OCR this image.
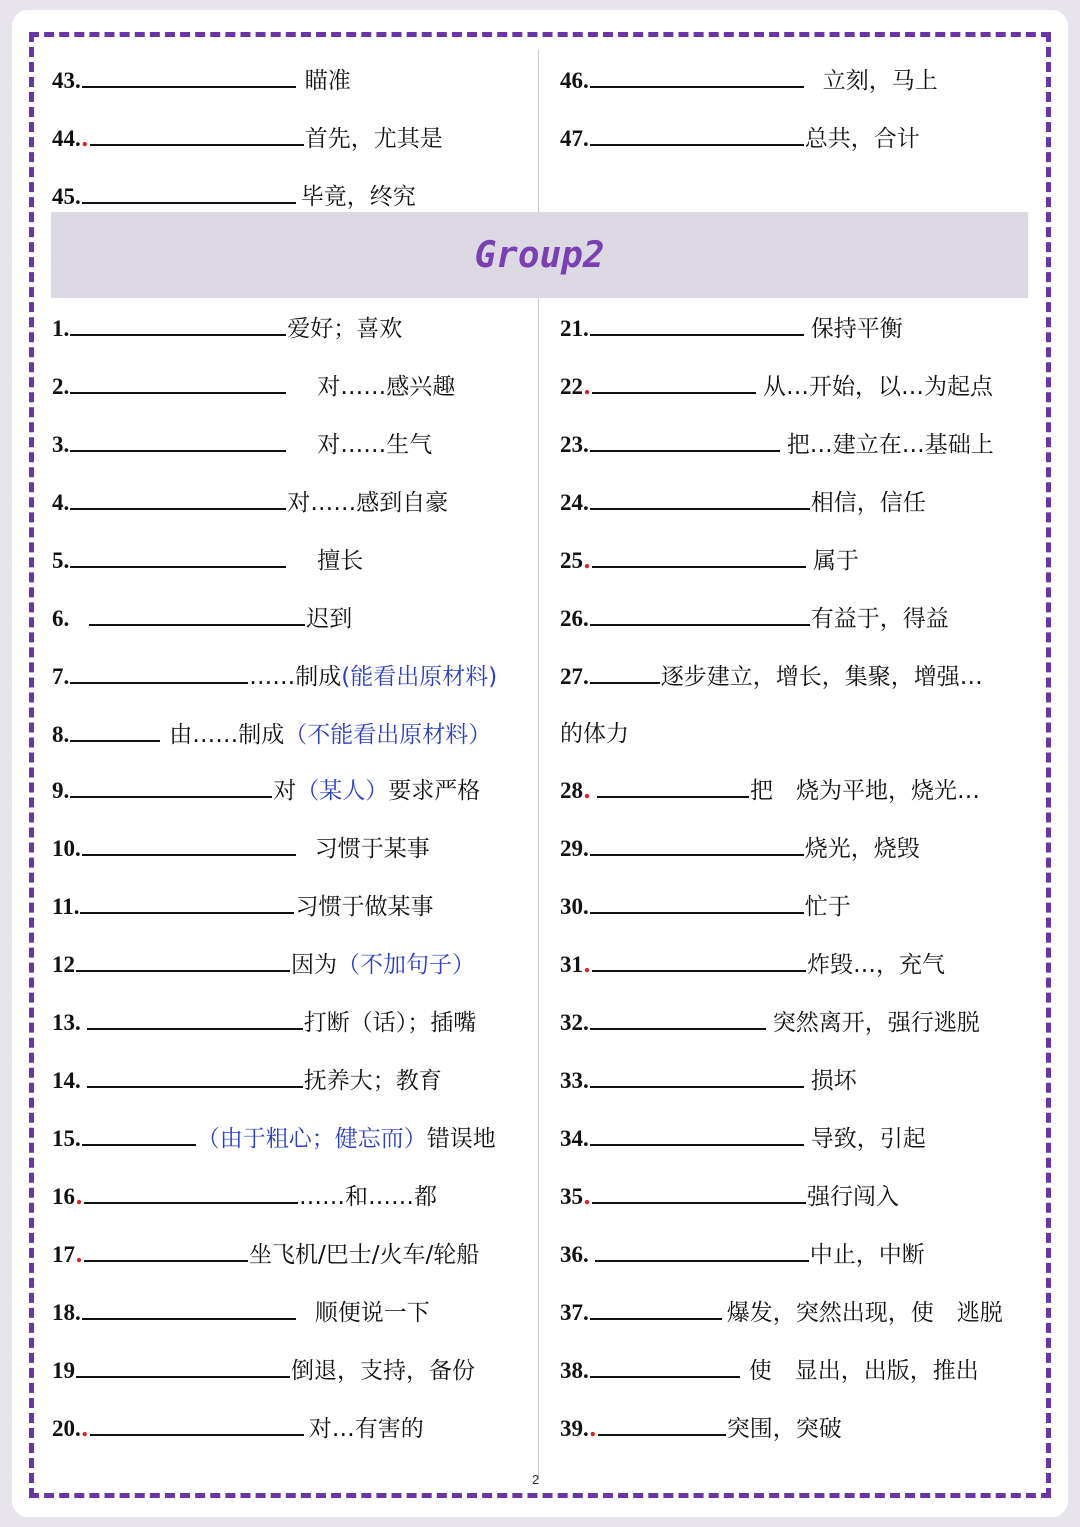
43.	瞄准
44..	首先，尤其是
45.	毕竟，终究
46.	立刻，马上
47.	总共，合计
Group2
1.	爱好；喜欢
2.	对……感兴趣
3.	对……生气
4.	对……感到自豪
5.	擅长
6.	迟到
7.	……制成(能看出原材料)
8.	由……制成（不能看出原材料）
9.	对（某人）要求严格
10.	习惯于某事
11.	习惯于做某事
12	因为（不加句子）
13.	打断（话）；插嘴
14.	抚养大；教育
15.	（由于粗心；健忘而）错误地
16.	……和……都
17.	坐飞机/巴士/火车/轮船
18.	顺便说一下
19	倒退，支持，备份
20..	对…有害的
21.	保持平衡
22.	从…开始，以…为起点
23.	把…建立在…基础上
24.	相信，信任
25.	属于
26.	有益于，得益
27.	逐步建立，增长，集聚，增强…
的体力
28.	把　烧为平地，烧光…
29.	烧光，烧毁
30.	忙于
31.	炸毁…，充气
32.	突然离开，强行逃脱
33.	损坏
34.	导致，引起
35.	强行闯入
36.	中止，中断
37.	爆发，突然出现，使　逃脱
38.	使　显出，出版，推出
39..	突围，突破
2
